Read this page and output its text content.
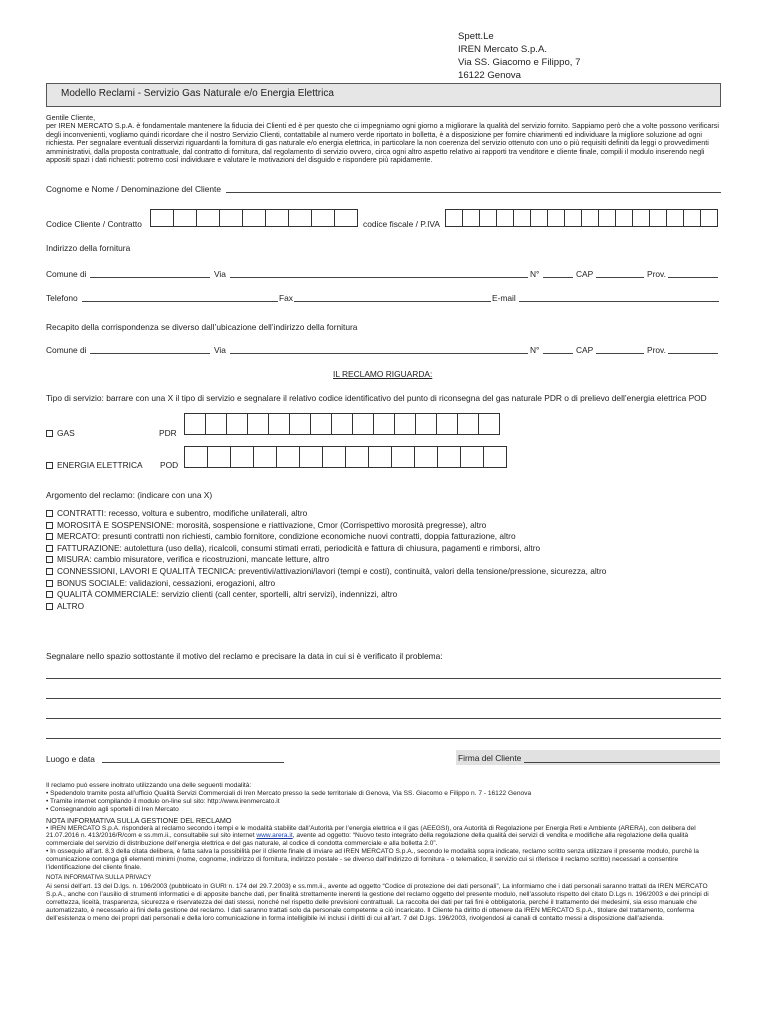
Spett.Le
IREN Mercato S.p.A.
Via SS. Giacomo e Filippo, 7
16122 Genova
Modello Reclami - Servizio Gas Naturale e/o Energia Elettrica
Gentile Cliente,
per IREN MERCATO S.p.A. è fondamentale mantenere la fiducia dei Clienti ed è per questo che ci impegniamo ogni giorno a migliorare la qualità del servizio fornito. Sappiamo però che a volte possono verificarsi degli inconvenienti, vogliamo quindi ricordare che il nostro Servizio Clienti, contattabile al numero verde riportato in bolletta, è a disposizione per fornire chiarimenti ed individuare la migliore soluzione ad ogni richiesta. Per segnalare eventuali disservizi riguardanti la fornitura di gas naturale e/o energia elettrica, in particolare la non coerenza del servizio ottenuto con uno o più requisiti definiti da leggi o provvedimenti amministrativi, dalla proposta contrattuale, dal contratto di fornitura, dal regolamento di servizio ovvero, circa ogni altro aspetto relativo ai rapporti tra venditore e cliente finale, compili il modulo inserendo negli appositi spazi i dati richiesti: potremo così individuare e valutare le motivazioni del disguido e rispondere più rapidamente.
Cognome e Nome / Denominazione del Cliente
Codice Cliente / Contratto	codice fiscale / P.IVA
Indirizzo della fornitura
Comune di	Via	N°	CAP	Prov.
Telefono	Fax	E-mail
Recapito della corrispondenza se diverso dall’ubicazione dell’indirizzo della fornitura
Comune di	Via	N°	CAP	Prov.
IL RECLAMO RIGUARDA:
Tipo di servizio: barrare con una X il tipo di servizio e segnalare il relativo codice identificativo del punto di riconsegna del gas naturale PDR o di prelievo dell’energia elettrica POD
GAS	PDR
ENERGIA ELETTRICA POD
Argomento del reclamo: (indicare con una X)
CONTRATTI: recesso, voltura e subentro, modifiche unilaterali, altro
MOROSITÀ E SOSPENSIONE: morosità, sospensione e riattivazione, Cmor (Corrispettivo morosità pregresse), altro
MERCATO: presunti contratti non richiesti, cambio fornitore, condizione economiche nuovi contratti, doppia fatturazione, altro
FATTURAZIONE: autolettura (uso della), ricalcoli, consumi stimati errati, periodicità e fattura di chiusura, pagamenti e rimborsi, altro
MISURA: cambio misuratore, verifica e ricostruzioni, mancate letture, altro
CONNESSIONI, LAVORI E QUALITÀ TECNICA: preventivi/attivazioni/lavori (tempi e costi), continuità, valori della tensione/pressione, sicurezza, altro
BONUS SOCIALE: validazioni, cessazioni, erogazioni, altro
QUALITÀ COMMERCIALE: servizio clienti (call center, sportelli, altri servizi), indennizzi, altro
ALTRO
Segnalare nello spazio sottostante il motivo del reclamo e precisare la data in cui si è verificato il problema:
Luogo e data	Firma del Cliente
Il reclamo può essere inoltrato utilizzando una delle seguenti modalità:
• Spedendolo tramite posta all’ufficio Qualità Servizi Commerciali di Iren Mercato presso la sede territoriale di Genova, Via SS. Giacomo e Filippo n. 7 - 16122 Genova
• Tramite internet compilando il modulo on-line sul sito: http://www.irenmercato.it
• Consegnandolo agli sportelli di Iren Mercato
NOTA INFORMATIVA SULLA GESTIONE DEL RECLAMO
• IREN MERCATO S.p.A. risponderà al reclamo secondo i tempi e le modalità stabilite dall’Autorità per l’energia elettrica e il gas (AEEGSI), ora Autorità di Regolazione per Energia Reti e Ambiente (ARERA), con delibera del 21.07.2016 n. 413/2016/R/com e ss.mm.ii., consultabile sul sito internet www.arera.it, avente ad oggetto: “Nuovo testo integrato della regolazione della qualità dei servizi di vendita e modifiche alla regolazione della qualità commerciale del servizio di distribuzione dell’energia elettrica e del gas naturale, al codice di condotta commerciale e alla bolletta 2.0”.
• In ossequio all’art. 8.3 della citata delibera, è fatta salva la possibilità per il cliente finale di inviare ad IREN MERCATO S.p.A., secondo le modalità sopra indicate, reclamo scritto senza utilizzare il presente modulo, purchè la comunicazione contenga gli elementi minimi (nome, cognome, indirizzo di fornitura, indirizzo postale - se diverso dall’indirizzo di fornitura - o telematico, il servizio cui si riferisce il reclamo scritto) necessari a consentire l’identificazione del cliente finale.
NOTA INFORMATIVA SULLA PRIVACY
Ai sensi dell’art. 13 del D.lgs. n. 196/2003 (pubblicato in GURI n. 174 del 29.7.2003) e ss.mm.ii., avente ad oggetto “Codice di protezione dei dati personali”, La informiamo che i dati personali saranno trattati da IREN MERCATO S.p.A., anche con l’ausilio di strumenti informatici e di apposite banche dati, per finalità strettamente inerenti la gestione del reclamo oggetto del presente modulo, nell’assoluto rispetto del citato D.Lgs n. 196/2003 e dei principi di correttezza, liceità, trasparenza, sicurezza e riservatezza dei dati stessi, nonché nel rispetto delle previsioni contrattuali. La raccolta dei dati per tali fini è obbligatoria, perché il trattamento dei medesimi, sia esso manuale che automatizzato, è necessario ai fini della gestione del reclamo. I dati saranno trattati solo da personale competente a ciò incaricato. Il Cliente ha diritto di ottenere da IREN MERCATO S.p.A., titolare del trattamento, conferma dell’esistenza o meno dei propri dati personali e della loro comunicazione in forma intelligibile ivi inclusi i diritti di cui all’art. 7 del D.lgs. 196/2003, rivolgendosi ai canali di contatto messi a disposizione dall’azienda.
